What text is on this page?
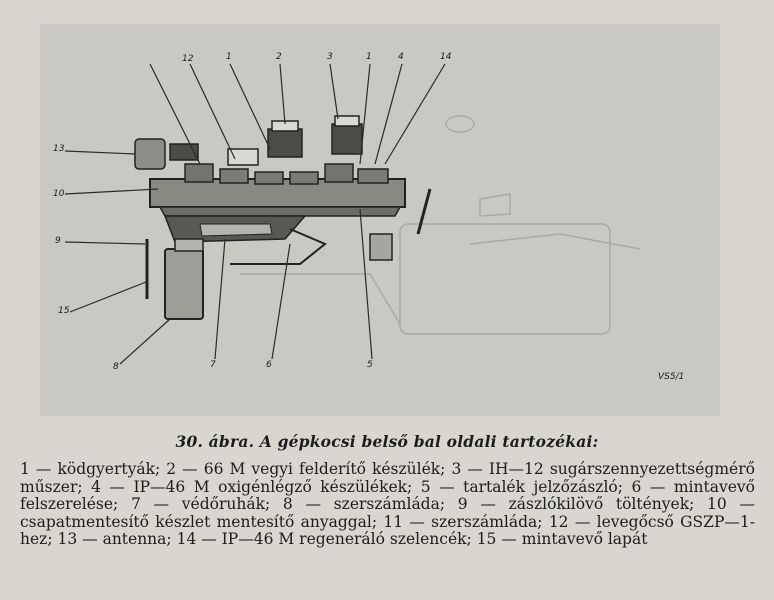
13
12	1	2	3	1	4	14
10
9
15
8	7	6	5
VS5/1
30. ábra. A gépkocsi belső bal oldali tartozékai:
1 — ködgyertyák; 2 — 66 M vegyi felderítő készülék; 3 — IH—12 sugárszennyezettségmérő műszer; 4 — IP—46 M oxigénlégző készülékek; 5 — tartalék jelzőzászló; 6 — mintavevő felszerelése; 7 — védőruhák; 8 — szerszámláda; 9 — zászlókilövő töltények; 10 — csapatmentesítő készlet mentesítő anyaggal; 11 — szerszámláda; 12 — levegőcső GSZP—1-hez; 13 — antenna; 14 — IP—46 M regeneráló szelencék; 15 — mintavevő lapát
